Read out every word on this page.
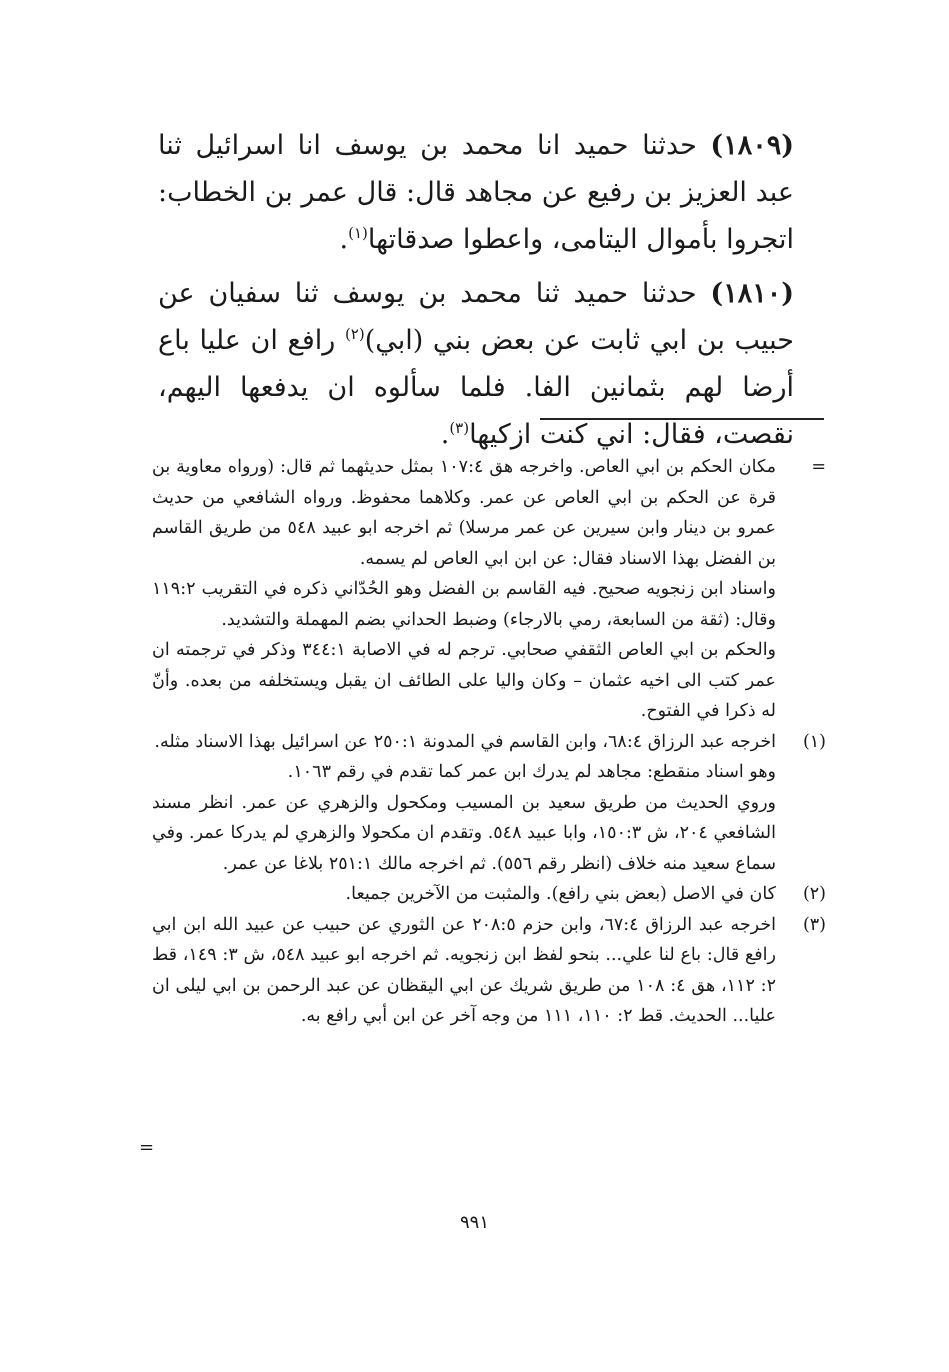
(١٨٠٩) حدثنا حميد انا محمد بن يوسف انا اسرائيل ثنا عبد العزيز بن رفيع عن مجاهد قال: قال عمر بن الخطاب: اتجروا بأموال اليتامى، واعطوا صدقاتها$^{(١)}$.

(١٨١٠) حدثنا حميد ثنا محمد بن يوسف ثنا سفيان عن حبيب بن ابي ثابت عن بعض بني (ابي)$^{(٢)}$ رافع ان عليا باع أرضا لهم بثمانين الفا. فلما سألوه ان يدفعها اليهم، نقصت، فقال: اني كنت ازكيها$^{(٣)}$.

=

مكان الحكم بن ابي العاص. واخرجه هق ١٠٧:٤ بمثل حديثهما ثم قال: (ورواه معاوية بن قرة عن الحكم بن ابي العاص عن عمر. وكلاهما محفوظ. ورواه الشافعي من حديث عمرو بن دينار وابن سيرين عن عمر مرسلا) ثم اخرجه ابو عبيد ٥٤٨ من طريق القاسم بن الفضل بهذا الاسناد فقال: عن ابن ابي العاص لم يسمه.

واسناد ابن زنجويه صحيح. فيه القاسم بن الفضل وهو الحُدّاني ذكره في التقريب ١١٩:٢ وقال: (ثقة من السابعة، رمي بالارجاء) وضبط الحداني بضم المهملة والتشديد.

والحكم بن ابي العاص الثقفي صحابي. ترجم له في الاصابة ٣٤٤:١ وذكر في ترجمته ان عمر كتب الى اخيه عثمان – وكان واليا على الطائف ان يقبل ويستخلفه من بعده. وأنّ له ذكرا في الفتوح.

(١)

اخرجه عبد الرزاق ٦٨:٤، وابن القاسم في المدونة ٢٥٠:١ عن اسرائيل بهذا الاسناد مثله.

وهو اسناد منقطع: مجاهد لم يدرك ابن عمر كما تقدم في رقم ١٠٦٣.

وروي الحديث من طريق سعيد بن المسيب ومكحول والزهري عن عمر. انظر مسند الشافعي ٢٠٤، ش ١٥٠:٣، وابا عبيد ٥٤٨. وتقدم ان مكحولا والزهري لم يدركا عمر. وفي سماع سعيد منه خلاف (انظر رقم ٥٥٦). ثم اخرجه مالك ٢٥١:١ بلاغا عن عمر.

(٢)

كان في الاصل (بعض بني رافع). والمثبت من الآخرين جميعا.

(٣)

اخرجه عبد الرزاق ٦٧:٤، وابن حزم ٢٠٨:٥ عن الثوري عن حبيب عن عبيد الله ابن ابي رافع قال: باع لنا علي... بنحو لفظ ابن زنجويه. ثم اخرجه ابو عبيد ٥٤٨، ش ٣: ١٤٩، قط ٢: ١١٢، هق ٤: ١٠٨ من طريق شريك عن ابي اليقظان عن عبد الرحمن بن ابي ليلى ان عليا... الحديث. قط ٢: ١١٠، ١١١ من وجه آخر عن ابن أبي رافع به.

=
٩٩١
